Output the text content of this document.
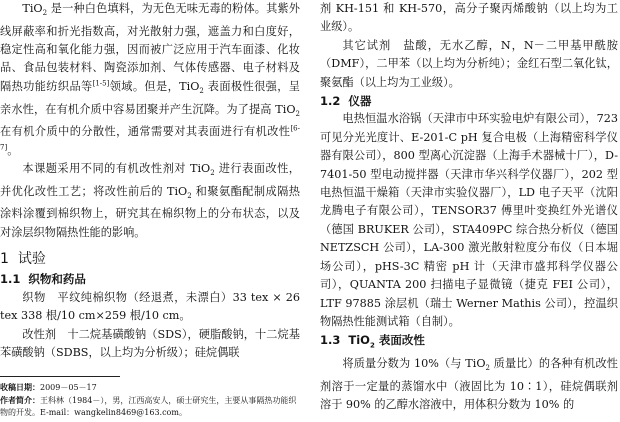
TiO$_2$ 是一种白色填料，为无色无味无毒的粉体。其紫外线屏蔽率和折光指数高，对光散射力强，遮盖力和白度好，稳定性高和氧化能力强，因而被广泛应用于汽车面漆、化妆品、食品包装材料、陶瓷添加剂、气体传感器、电子材料及隔热功能纺织品等[1-5]领域。但是，TiO$_2$ 表面极性很强，呈亲水性，在有机介质中容易团聚并产生沉降。为了提高 TiO$_2$ 在有机介质中的分散性，通常需要对其表面进行有机改性[6-7]。

本课题采用不同的有机改性剂对 TiO$_2$ 进行表面改性，并优化改性工艺；将改性前后的 TiO$_2$ 和聚氨酯配制成隔热涂料涂覆到棉织物上，研究其在棉织物上的分布状态，以及对涂层织物隔热性能的影响。

1 试验
1.1 织物和药品

织物　平纹纯棉织物（经退煮，未漂白）33 tex × 26 tex 338 根/10 cm×259 根/10 cm。

改性剂　十二烷基磺酸钠（SDS），硬脂酸钠，十二烷基苯磺酸钠（SDBS，以上均为分析级）；硅烷偶联

收稿日期：2009－05－17

作者简介：王科林（1984－），男，江西高安人，硕士研究生，主要从事隔热功能织物的开发。E-mail：wangkelin8469@163.com。

剂 KH-151 和 KH-570，高分子聚丙烯酸钠（以上均为工业级）。

其它试剂　盐酸，无水乙醇，N，N－二甲基甲酰胺（DMF），二甲苯（以上均为分析纯）；金红石型二氧化钛，聚氨酯（以上均为工业级）。

1.2 仪器

电热恒温水浴锅（天津市中环实验电炉有限公司），723 可见分光光度计、E-201-C pH 复合电极（上海精密科学仪器有限公司），800 型离心沉淀器（上海手术器械十厂），D-7401-50 型电动搅拌器（天津市华兴科学仪器厂），202 型电热恒温干燥箱（天津市实验仪器厂），LD 电子天平（沈阳龙腾电子有限公司），TENSOR37 傅里叶变换红外光谱仪（德国 BRUKER 公司），STA409PC 综合热分析仪（德国 NETZSCH 公司），LA-300 激光散射粒度分布仪（日本堀场公司），pHS-3C 精密 pH 计（天津市盛邦科学仪器公司），QUANTA 200 扫描电子显微镜（捷克 FEI 公司），LTF 97885 涂层机（瑞士 Werner Mathis 公司），控温织物隔热性能测试箱（自制）。

1.3 TiO$_2$ 表面改性

将质量分数为 10%（与 TiO$_2$ 质量比）的各种有机改性剂溶于一定量的蒸馏水中（液固比为 10∶1），硅烷偶联剂溶于 90% 的乙醇水溶液中，用体积分数为 10% 的
